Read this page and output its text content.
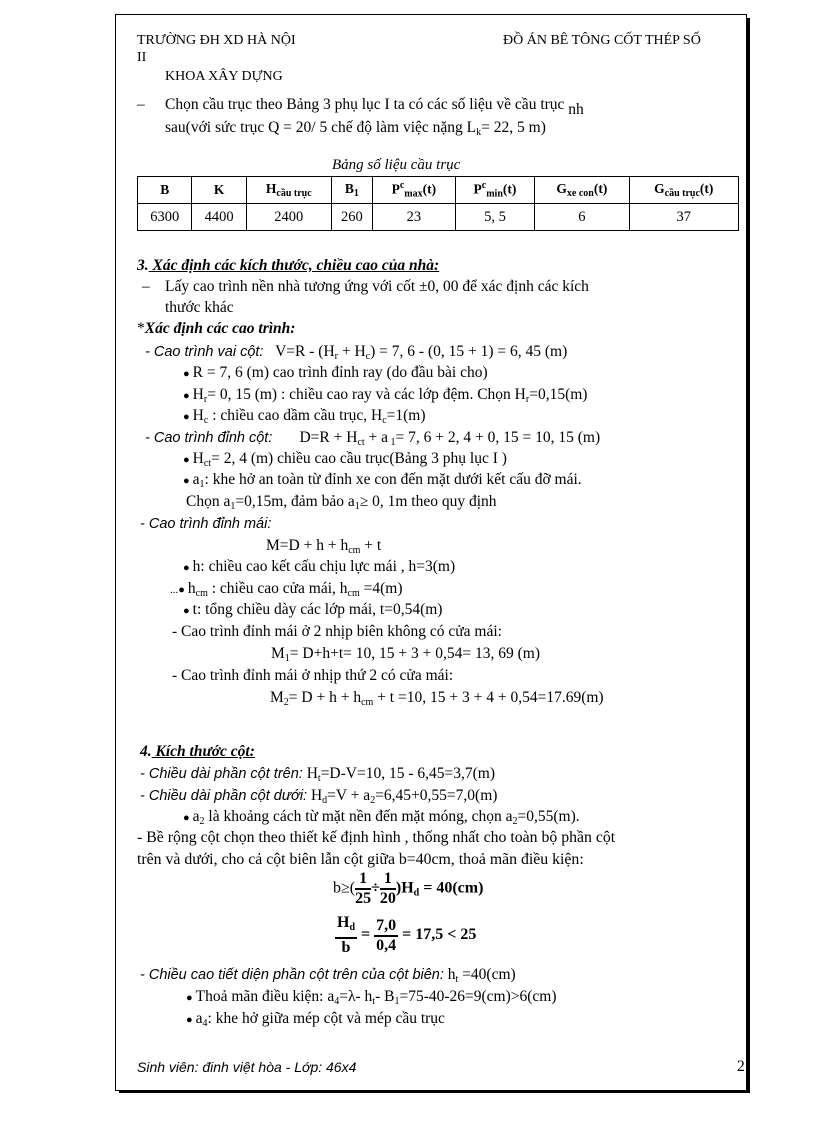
TRƯỜNG ĐH XD HÀ NỘI	ĐỒ ÁN BÊ TÔNG CỐT THÉP SỐ
II
KHOA XÂY DỰNG
– Chọn cầu trục theo Bảng 3 phụ lục I ta có các số liệu về cầu trục nh
sau(với sức trục Q = 20/ 5 chế độ làm việc nặng $L_k= 22$, 5 m)
Bảng số liệu cầu trục
B	K	$H_{cầu trục}$	$B_1$	$P^c_{max}(t)$	$P^c_{min}(t)$	$G_{xe con}(t)$	$G_{cầu trục}(t)$
6300	4400	2400	260	23	5, 5	6	37
3. Xác định các kích thước, chiều cao của nhà:
– Lấy cao trình nền nhà tương ứng với cốt ±0, 00 để xác định các kích
thước khác
*Xác định các cao trình:
- Cao trình vai cột: $V=R - (H_r + H_c) = 7$, 6 - (0, 15 + 1) = 6, 45 (m)
● R = 7, 6 (m) cao trình đỉnh ray (do đầu bài cho)
● $H_r= 0$, 15 (m) : chiều cao ray và các lớp đệm. Chọn $H_r=0,15(m)$
● $H_c$ : chiều cao dầm cầu trục, $H_c=1(m)$
- Cao trình đỉnh cột: $D=R + H_{ct} + a$ $_1$= 7, 6 + 2, 4 + 0, 15 = 10, 15 (m)
● $H_{ct}= 2$, 4 (m) chiều cao cầu trục(Bảng 3 phụ lục I )
● $a_1$: khe hở an toàn từ đỉnh xe con đến mặt dưới kết cấu đỡ mái.
Chọn $a_1=0,15m$, đảm bảo $a_1\ge 0$, 1m theo quy định
- Cao trình đỉnh mái:
$M=D + h + h_{cm} + t$
● h: chiều cao kết cấu chịu lực mái , h=3(m)
...● $h_{cm}$ : chiều cao cửa mái, $h_{cm} =4(m)$
● t: tổng chiều dày các lớp mái, t=0,54(m)
- Cao trình đỉnh mái ở 2 nhịp biên không có cửa mái:
$M_1= D+h+t= 10$, 15 + 3 + 0,54= 13, 69 (m)
- Cao trình đỉnh mái ở nhịp thứ 2 có cửa mái:
$M_2= D + h + h_{cm} + t =10$, 15 + 3 + 4 + 0,54=17.69(m)
4. Kích thước cột:
- Chiều dài phần cột trên: $H_t=D-V=10$, 15 - 6,45=3,7(m)
- Chiều dài phần cột dưới: $H_d=V + a_2=6,45+0,55=7,0(m)$
● $a_2$ là khoảng cách từ mặt nền đến mặt móng, chọn $a_2=0,55(m)$.
- Bề rộng cột chọn theo thiết kế định hình , thống nhất cho toàn bộ phần cột
trên và dưới, cho cả cột biên lẫn cột giữa b=40cm, thoả mãn điều kiện:
$b\ge( \frac{1}{25} \div \frac{1}{20} )H_d = 40(cm)$
$\frac{H_d}{b} = \frac{7,0}{0,4} = 17,5 < 25$
- Chiều cao tiết diện phần cột trên của cột biên: $h_t =40(cm)$
● Thoả mãn điều kiện: $a_4=\lambda-$ $h_t-$ $B_1=75-40-26=9(cm)>6(cm)$
● $a_4$: khe hở giữa mép cột và mép cầu trục
Sinh viên: đinh việt hòa - Lớp: 46x4	2
